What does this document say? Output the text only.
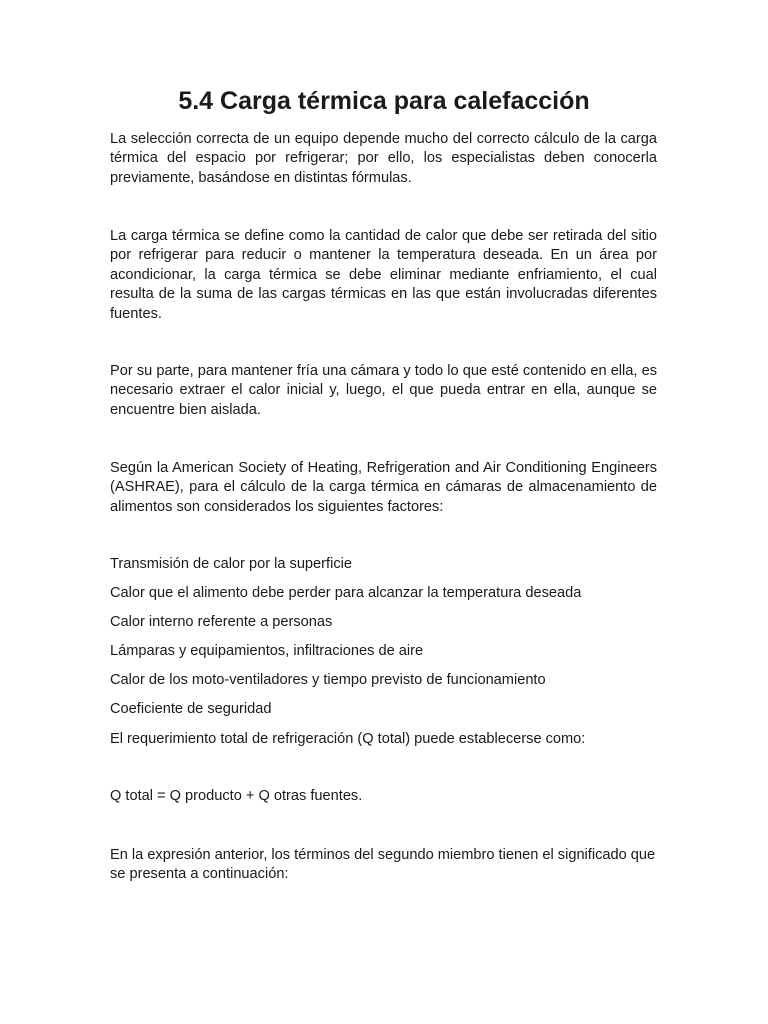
5.4 Carga térmica para calefacción

La selección correcta de un equipo depende mucho del correcto cálculo de la carga térmica del espacio por refrigerar; por ello, los especialistas deben conocerla previamente, basándose en distintas fórmulas.

La carga térmica se define como la cantidad de calor que debe ser retirada del sitio por refrigerar para reducir o mantener la temperatura deseada. En un área por acondicionar, la carga térmica se debe eliminar mediante enfriamiento, el cual resulta de la suma de las cargas térmicas en las que están involucradas diferentes fuentes.

Por su parte, para mantener fría una cámara y todo lo que esté contenido en ella, es necesario extraer el calor inicial y, luego, el que pueda entrar en ella, aunque se encuentre bien aislada.

Según la American Society of Heating, Refrigeration and Air Conditioning Engineers (ASHRAE), para el cálculo de la carga térmica en cámaras de almacenamiento de alimentos son considerados los siguientes factores:

Transmisión de calor por la superficie

Calor que el alimento debe perder para alcanzar la temperatura deseada

Calor interno referente a personas

Lámparas y equipamientos, infiltraciones de aire

Calor de los moto-ventiladores y tiempo previsto de funcionamiento

Coeficiente de seguridad

El requerimiento total de refrigeración (Q total) puede establecerse como:

Q total = Q producto + Q otras fuentes.

En la expresión anterior, los términos del segundo miembro tienen el significado que se presenta a continuación:
